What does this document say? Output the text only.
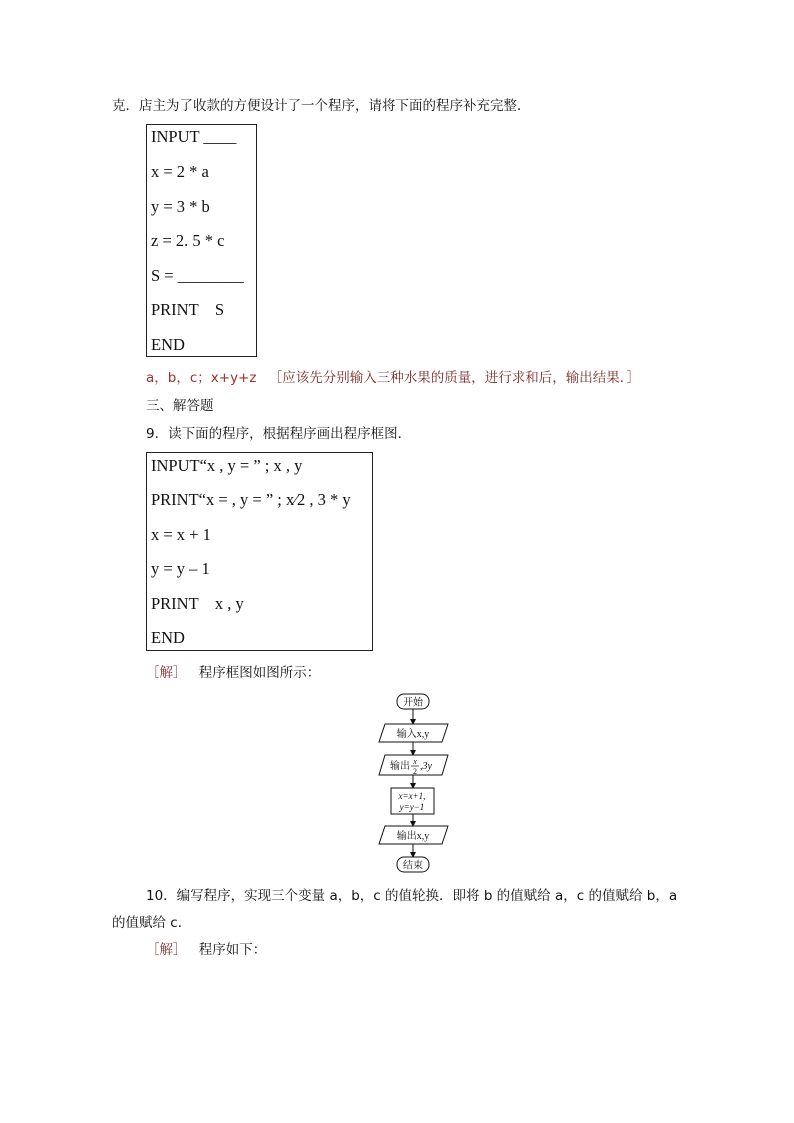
克．店主为了收款的方便设计了一个程序，请将下面的程序补充完整．
INPUT ____
x = 2 * a
y = 3 * b
z = 2. 5 * c
S = ________
PRINT    S
END
a，b，c；x+y+z ［应该先分别输入三种水果的质量，进行求和后，输出结果．］
三、解答题
9．读下面的程序，根据程序画出程序框图．
INPUT“x , y = ” ; x , y
PRINT“x = , y = ” ; x⁄2 , 3 * y
x = x + 1
y = y – 1
PRINT    x , y
END
［解］ 程序框图如图所示：
开始
输入x,y
输出 x
2 ,3y
x=x+1,
y=y−1
输出x,y
结束
10．编写程序，实现三个变量 a，b，c 的值轮换．即将 b 的值赋给 a，c 的值赋给 b，a
的值赋给 c．
［解］ 程序如下：
